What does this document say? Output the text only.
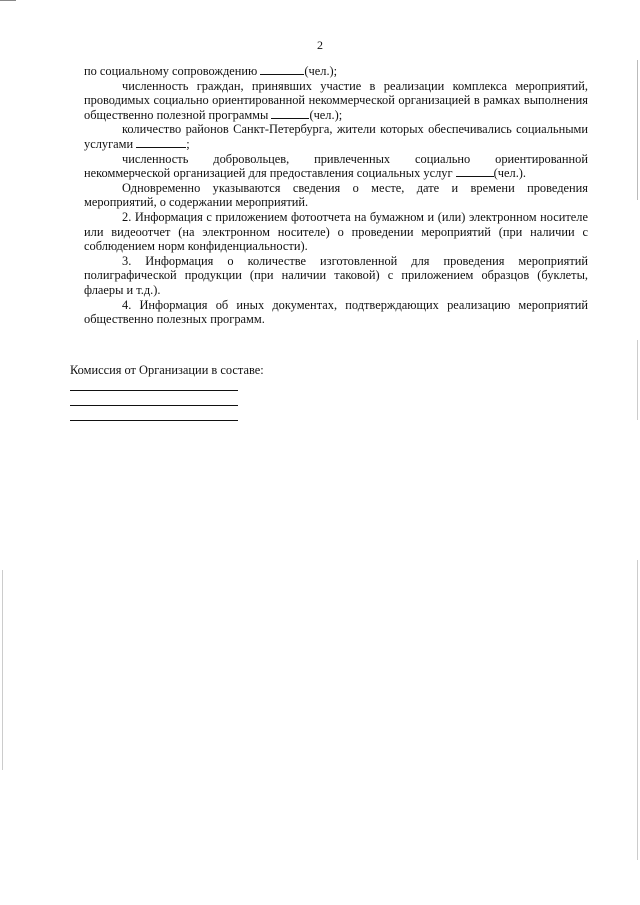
2

по социальному сопровождению	(чел.);

численность граждан, принявших участие в реализации комплекса мероприятий, проводимых социально ориентированной некоммерческой организацией в рамках выполнения общественно полезной программы	(чел.);

количество районов Санкт-Петербурга, жители которых обеспечивались социальными услугами	;

численность добровольцев, привлеченных социально ориентированной некоммерческой организацией для предоставления социальных услуг	(чел.).

Одновременно указываются сведения о месте, дате и времени проведения мероприятий, о содержании мероприятий.

2. Информация с приложением фотоотчета на бумажном и (или) электронном носителе или видеоотчет (на электронном носителе) о проведении мероприятий (при наличии с соблюдением норм конфиденциальности).

3. Информация о количестве изготовленной для проведения мероприятий полиграфической продукции (при наличии таковой) с приложением образцов (буклеты, флаеры и т.д.).

4. Информация об иных документах, подтверждающих реализацию мероприятий общественно полезных программ.

Комиссия от Организации в составе:
